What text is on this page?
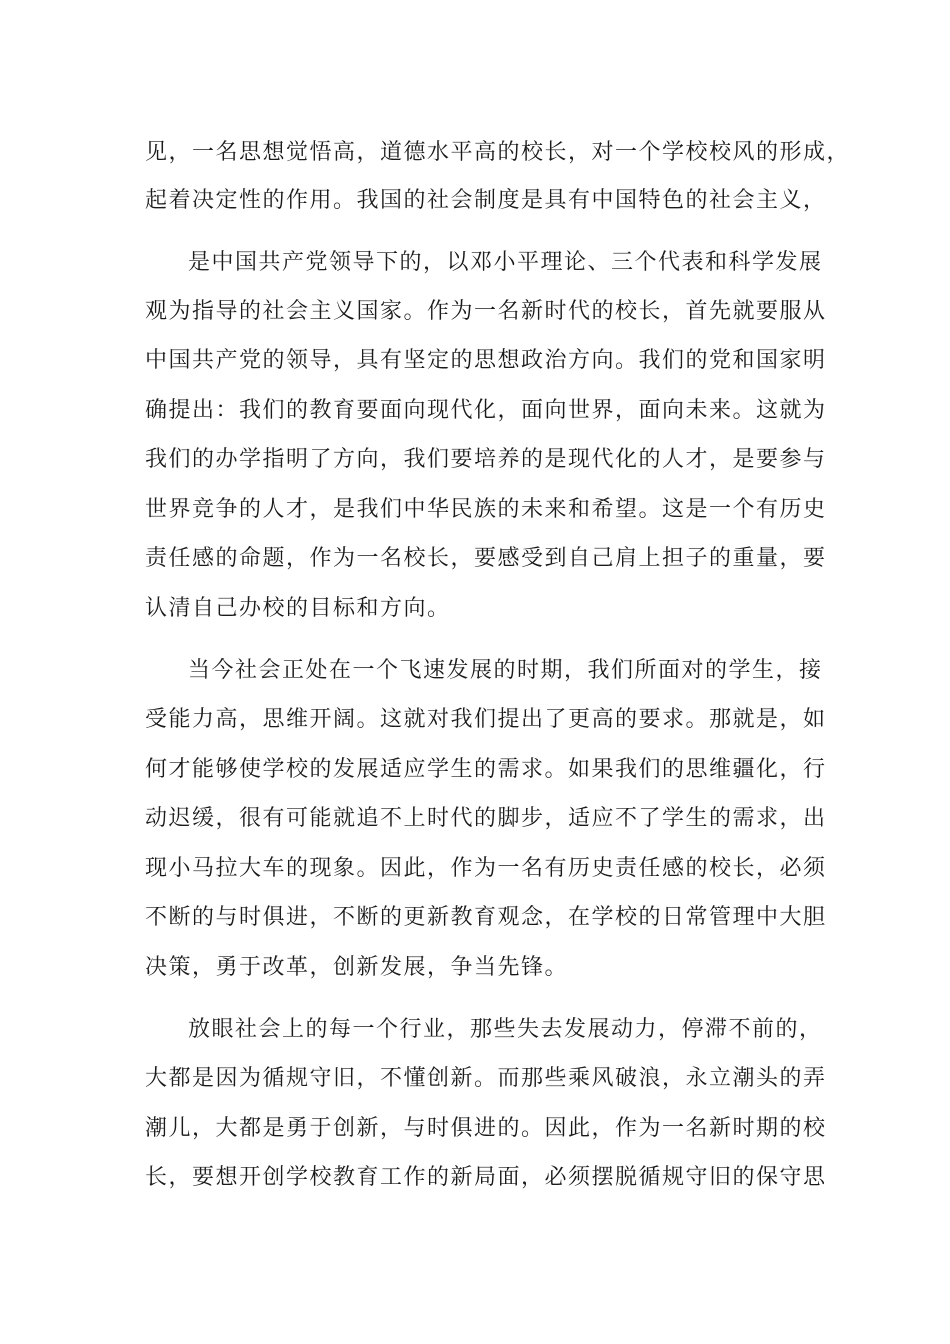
见，一名思想觉悟高，道德水平高的校长，对一个学校校风的形成，
起着决定性的作用。我国的社会制度是具有中国特色的社会主义，
是中国共产党领导下的，以邓小平理论、三个代表和科学发展
观为指导的社会主义国家。作为一名新时代的校长，首先就要服从
中国共产党的领导，具有坚定的思想政治方向。我们的党和国家明
确提出：我们的教育要面向现代化，面向世界，面向未来。这就为
我们的办学指明了方向，我们要培养的是现代化的人才，是要参与
世界竞争的人才，是我们中华民族的未来和希望。这是一个有历史
责任感的命题，作为一名校长，要感受到自己肩上担子的重量，要
认清自己办校的目标和方向。
当今社会正处在一个飞速发展的时期，我们所面对的学生，接
受能力高，思维开阔。这就对我们提出了更高的要求。那就是，如
何才能够使学校的发展适应学生的需求。如果我们的思维疆化，行
动迟缓，很有可能就追不上时代的脚步，适应不了学生的需求，出
现小马拉大车的现象。因此，作为一名有历史责任感的校长，必须
不断的与时俱进，不断的更新教育观念，在学校的日常管理中大胆
决策，勇于改革，创新发展，争当先锋。
放眼社会上的每一个行业，那些失去发展动力，停滞不前的，
大都是因为循规守旧，不懂创新。而那些乘风破浪，永立潮头的弄
潮儿，大都是勇于创新，与时俱进的。因此，作为一名新时期的校
长，要想开创学校教育工作的新局面，必须摆脱循规守旧的保守思
